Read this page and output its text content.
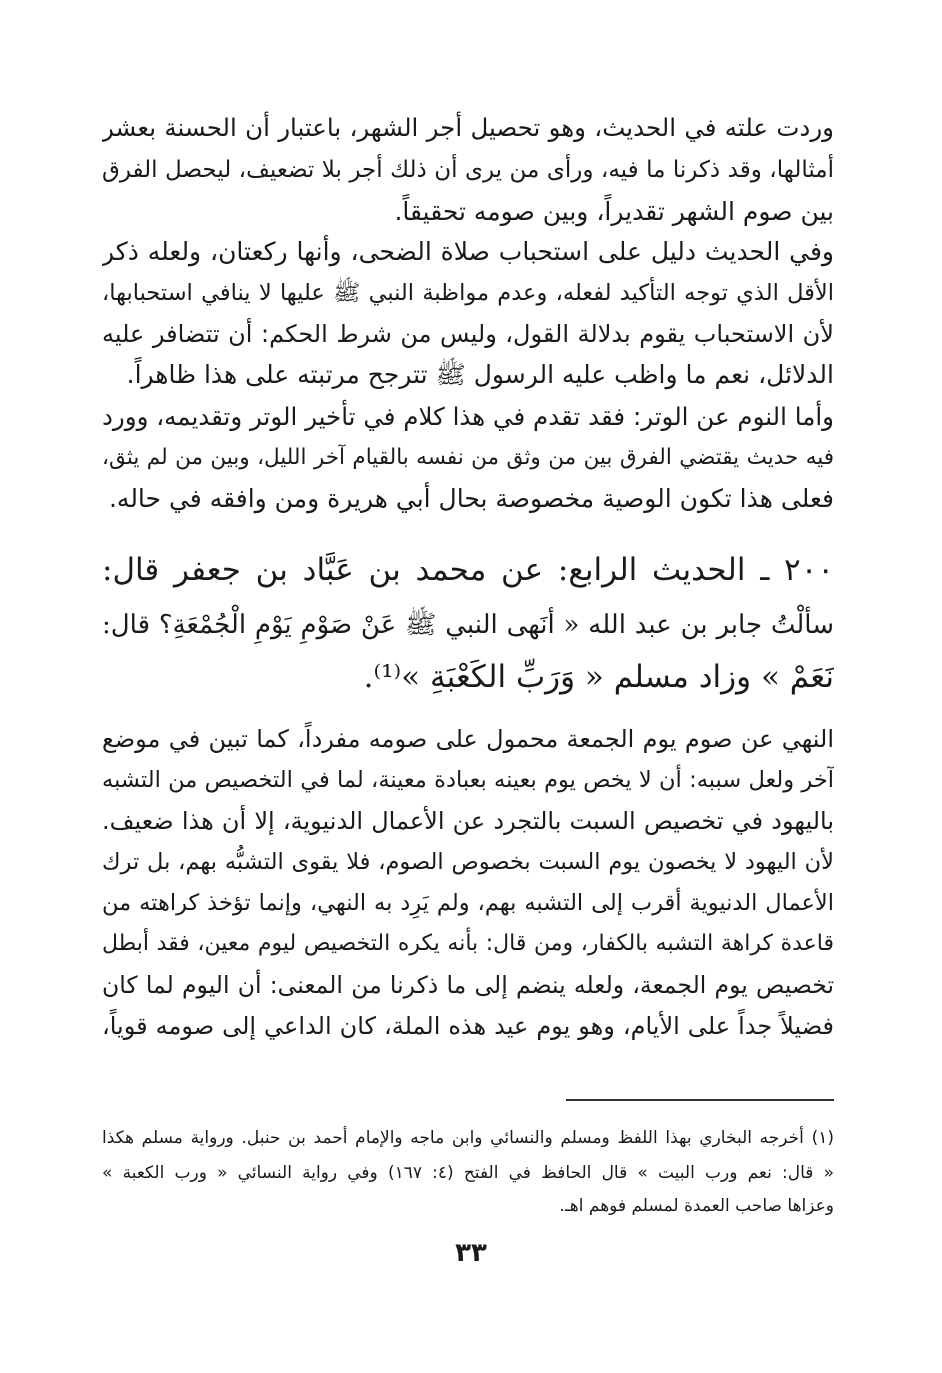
وردت علته في الحديث، وهو تحصيل أجر الشهر، باعتبار أن الحسنة بعشر
أمثالها، وقد ذكرنا ما فيه، ورأى من يرى أن ذلك أجر بلا تضعيف، ليحصل الفرق
بين صوم الشهر تقديراً، وبين صومه تحقيقاً.
وفي الحديث دليل على استحباب صلاة الضحى، وأنها ركعتان، ولعله ذكر
الأقل الذي توجه التأكيد لفعله، وعدم مواظبة النبي ﷺ عليها لا ينافي استحبابها،
لأن الاستحباب يقوم بدلالة القول، وليس من شرط الحكم: أن تتضافر عليه
الدلائل، نعم ما واظب عليه الرسول ﷺ تترجح مرتبته على هذا ظاهراً.
وأما النوم عن الوتر: فقد تقدم في هذا كلام في تأخير الوتر وتقديمه، وورد
فيه حديث يقتضي الفرق بين من وثق من نفسه بالقيام آخر الليل، وبين من لم يثق،
فعلى هذا تكون الوصية مخصوصة بحال أبي هريرة ومن وافقه في حاله.
٢٠٠ ـ الحديث الرابع: عن محمد بن عَبَّاد بن جعفر قال:
سألْتُ جابر بن عبد الله « أنَهى النبي ﷺ عَنْ صَوْمِ يَوْمِ الْجُمْعَةِ؟ قال:
نَعَمْ » وزاد مسلم « وَرَبِّ الكَعْبَةِ »⁽¹⁾.
النهي عن صوم يوم الجمعة محمول على صومه مفرداً، كما تبين في موضع
آخر ولعل سببه: أن لا يخص يوم بعينه بعبادة معينة، لما في التخصيص من التشبه
باليهود في تخصيص السبت بالتجرد عن الأعمال الدنيوية، إلا أن هذا ضعيف.
لأن اليهود لا يخصون يوم السبت بخصوص الصوم، فلا يقوى التشبُّه بهم، بل ترك
الأعمال الدنيوية أقرب إلى التشبه بهم، ولم يَرِد به النهي، وإنما تؤخذ كراهته من
قاعدة كراهة التشبه بالكفار، ومن قال: بأنه يكره التخصيص ليوم معين، فقد أبطل
تخصيص يوم الجمعة، ولعله ينضم إلى ما ذكرنا من المعنى: أن اليوم لما كان
فضيلاً جداً على الأيام، وهو يوم عيد هذه الملة، كان الداعي إلى صومه قوياً،
(١) أخرجه البخاري بهذا اللفظ ومسلم والنسائي وابن ماجه والإمام أحمد بن حنبل. ورواية مسلم هكذا
« قال: نعم ورب البيت » قال الحافظ في الفتح (٤: ١٦٧) وفي رواية النسائي « ورب الكعبة »
وعزاها صاحب العمدة لمسلم فوهم اهـ.
٣٣
